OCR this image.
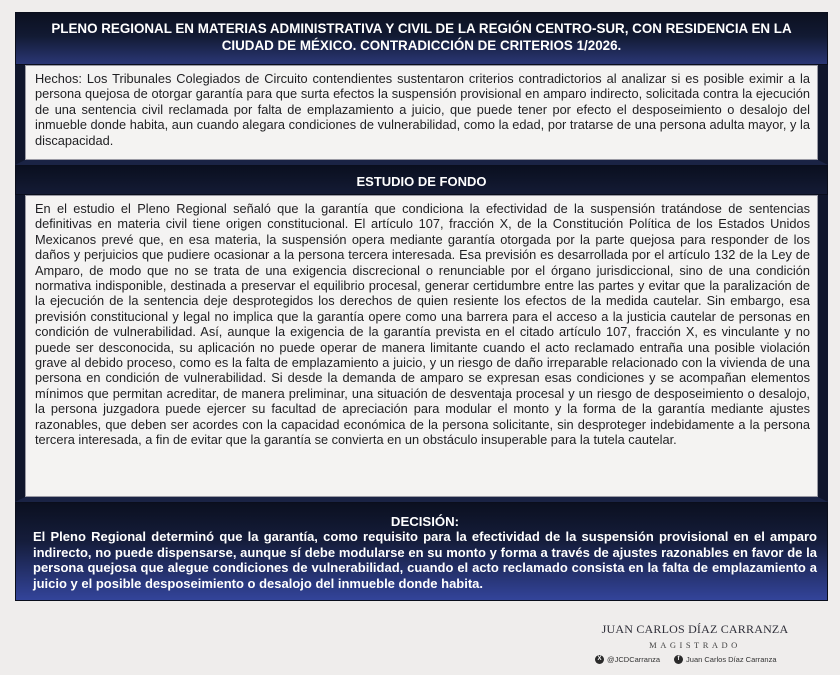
PLENO REGIONAL EN MATERIAS ADMINISTRATIVA Y CIVIL DE LA REGIÓN CENTRO-SUR, CON RESIDENCIA EN LA CIUDAD DE MÉXICO. CONTRADICCIÓN DE CRITERIOS 1/2026.
Hechos: Los Tribunales Colegiados de Circuito contendientes sustentaron criterios contradictorios al analizar si es posible eximir a la persona quejosa de otorgar garantía para que surta efectos la suspensión provisional en amparo indirecto, solicitada contra la ejecución de una sentencia civil reclamada por falta de emplazamiento a juicio, que puede tener por efecto el desposeimiento o desalojo del inmueble donde habita, aun cuando alegara condiciones de vulnerabilidad, como la edad, por tratarse de una persona adulta mayor, y la discapacidad.
ESTUDIO DE FONDO
En el estudio el Pleno Regional señaló que la garantía que condiciona la efectividad de la suspensión tratándose de sentencias definitivas en materia civil tiene origen constitucional. El artículo 107, fracción X, de la Constitución Política de los Estados Unidos Mexicanos prevé que, en esa materia, la suspensión opera mediante garantía otorgada por la parte quejosa para responder de los daños y perjuicios que pudiere ocasionar a la persona tercera interesada. Esa previsión es desarrollada por el artículo 132 de la Ley de Amparo, de modo que no se trata de una exigencia discrecional o renunciable por el órgano jurisdiccional, sino de una condición normativa indisponible, destinada a preservar el equilibrio procesal, generar certidumbre entre las partes y evitar que la paralización de la ejecución de la sentencia deje desprotegidos los derechos de quien resiente los efectos de la medida cautelar. Sin embargo, esa previsión constitucional y legal no implica que la garantía opere como una barrera para el acceso a la justicia cautelar de personas en condición de vulnerabilidad. Así, aunque la exigencia de la garantía prevista en el citado artículo 107, fracción X, es vinculante y no puede ser desconocida, su aplicación no puede operar de manera limitante cuando el acto reclamado entraña una posible violación grave al debido proceso, como es la falta de emplazamiento a juicio, y un riesgo de daño irreparable relacionado con la vivienda de una persona en condición de vulnerabilidad. Si desde la demanda de amparo se expresan esas condiciones y se acompañan elementos mínimos que permitan acreditar, de manera preliminar, una situación de desventaja procesal y un riesgo de desposeimiento o desalojo, la persona juzgadora puede ejercer su facultad de apreciación para modular el monto y la forma de la garantía mediante ajustes razonables, que deben ser acordes con la capacidad económica de la persona solicitante, sin desproteger indebidamente a la persona tercera interesada, a fin de evitar que la garantía se convierta en un obstáculo insuperable para la tutela cautelar.
DECISIÓN:
El Pleno Regional determinó que la garantía, como requisito para la efectividad de la suspensión provisional en el amparo indirecto, no puede dispensarse, aunque sí debe modularse en su monto y forma a través de ajustes razonables en favor de la persona quejosa que alegue condiciones de vulnerabilidad, cuando el acto reclamado consista en la falta de emplazamiento a juicio y el posible desposeimiento o desalojo del inmueble donde habita.
JUAN CARLOS DÍAZ CARRANZA
MAGISTRADO
X @JCDCarranza	f Juan Carlos Díaz Carranza
